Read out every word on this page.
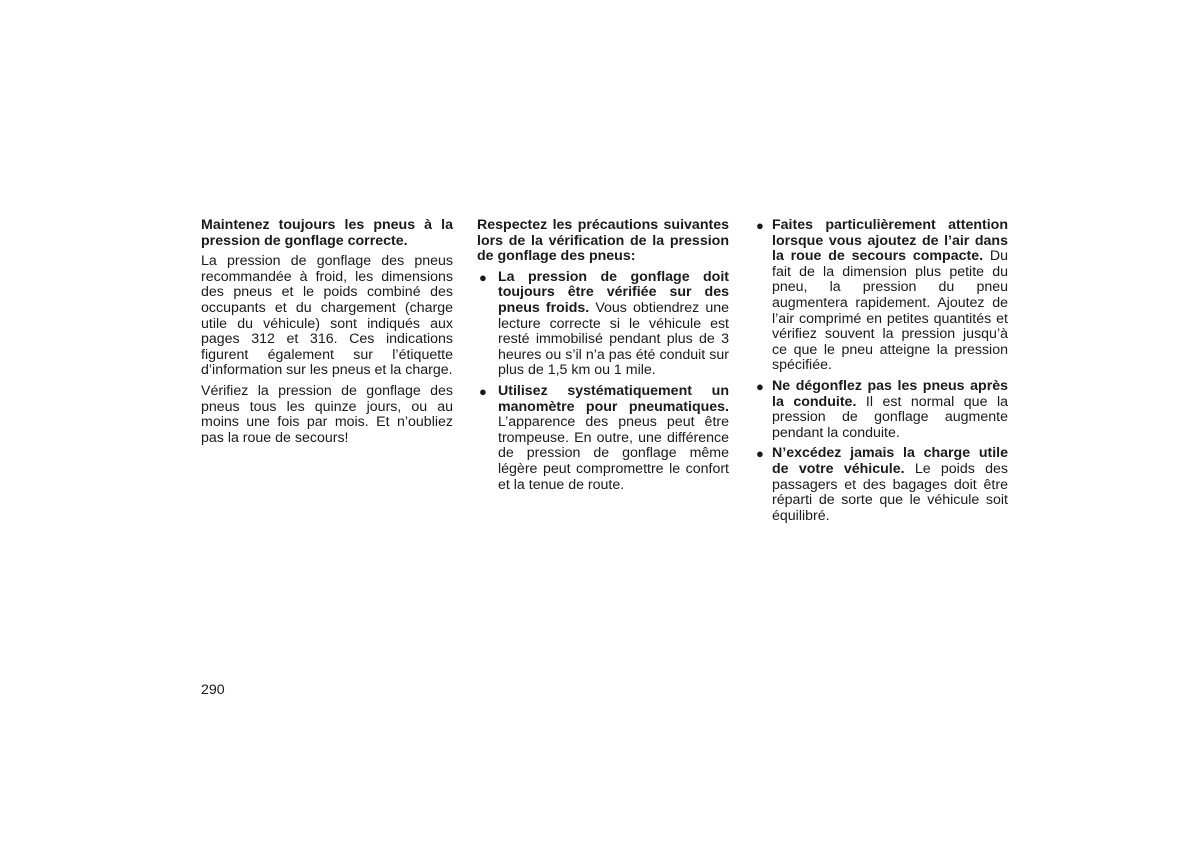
Maintenez toujours les pneus à la pression de gonflage correcte.

La pression de gonflage des pneus recommandée à froid, les dimensions des pneus et le poids combiné des occupants et du chargement (charge utile du véhicule) sont indiqués aux pages 312 et 316. Ces indications figurent également sur l’étiquette d’information sur les pneus et la charge.

Vérifiez la pression de gonflage des pneus tous les quinze jours, ou au moins une fois par mois. Et n’oubliez pas la roue de secours!

Respectez les précautions suivantes lors de la vérification de la pression de gonflage des pneus:

● La pression de gonflage doit toujours être vérifiée sur des pneus froids. Vous obtiendrez une lecture correcte si le véhicule est resté immobilisé pendant plus de 3 heures ou s’il n’a pas été conduit sur plus de 1,5 km ou 1 mile.
● Utilisez systématiquement un manomètre pour pneumatiques. L’apparence des pneus peut être trompeuse. En outre, une différence de pression de gonflage même légère peut compromettre le confort et la tenue de route.
● Faites particulièrement attention lorsque vous ajoutez de l’air dans la roue de secours compacte. Du fait de la dimension plus petite du pneu, la pression du pneu augmentera rapidement. Ajoutez de l’air comprimé en petites quantités et vérifiez souvent la pression jusqu’à ce que le pneu atteigne la pression spécifiée.
● Ne dégonflez pas les pneus après la conduite. Il est normal que la pression de gonflage augmente pendant la conduite.
● N’excédez jamais la charge utile de votre véhicule. Le poids des passagers et des bagages doit être réparti de sorte que le véhicule soit équilibré.
290
